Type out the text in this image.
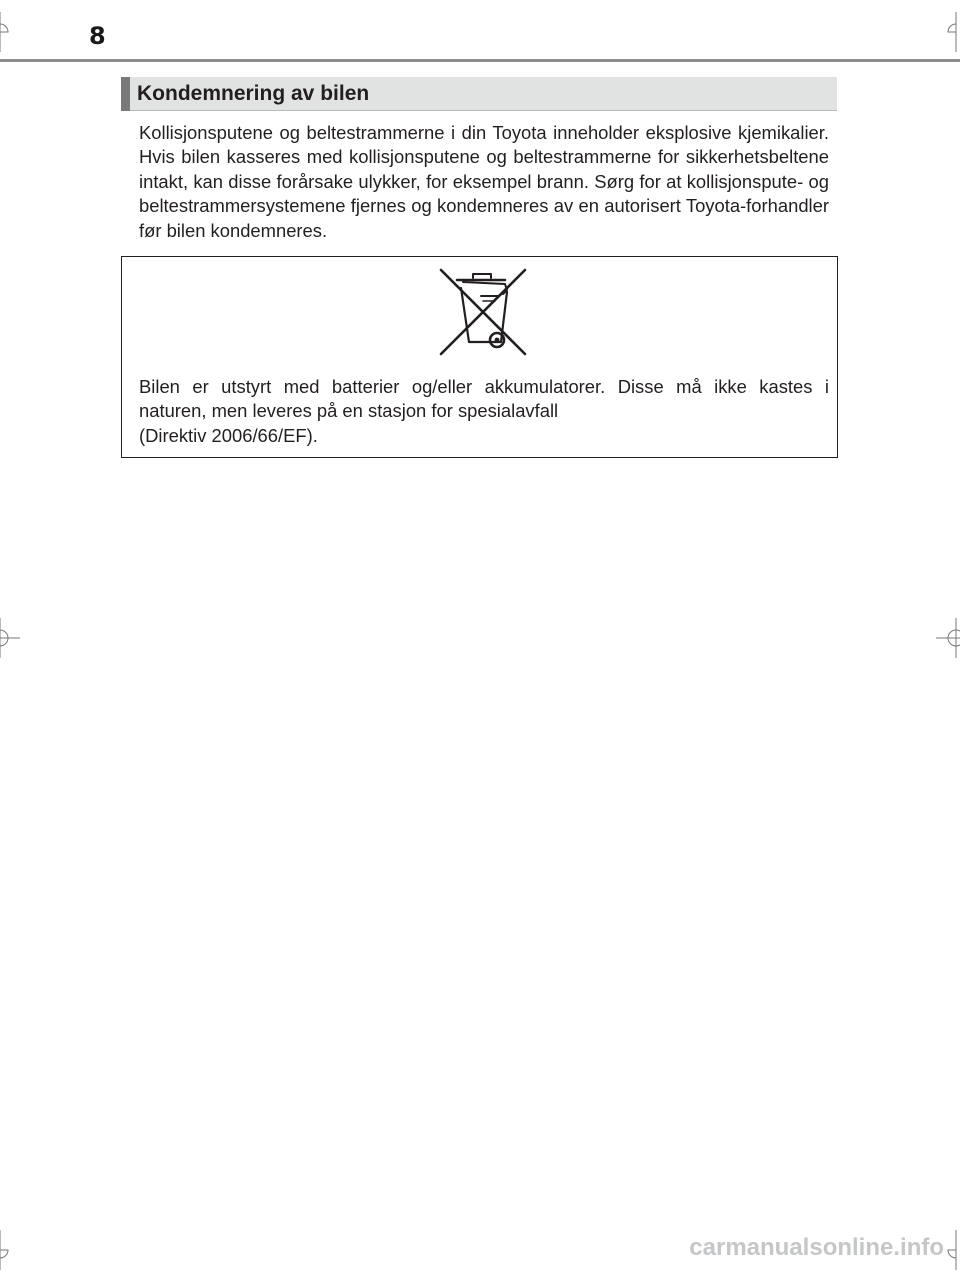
8
Kondemnering av bilen

Kollisjonsputene og beltestrammerne i din Toyota inneholder eksplosive kjemikalier. Hvis bilen kasseres med kollisjonsputene og beltestrammerne for sikkerhetsbeltene intakt, kan disse forårsake ulykker, for eksempel brann. Sørg for at kollisjonspute- og beltestrammersystemene fjernes og kondemneres av en autorisert Toyota-forhandler før bilen kondemneres.

Bilen er utstyrt med batterier og/eller akkumulatorer. Disse må ikke kastes i
naturen, men leveres på en stasjon for spesialavfall
(Direktiv 2006/66/EF).

carmanualsonline.info
